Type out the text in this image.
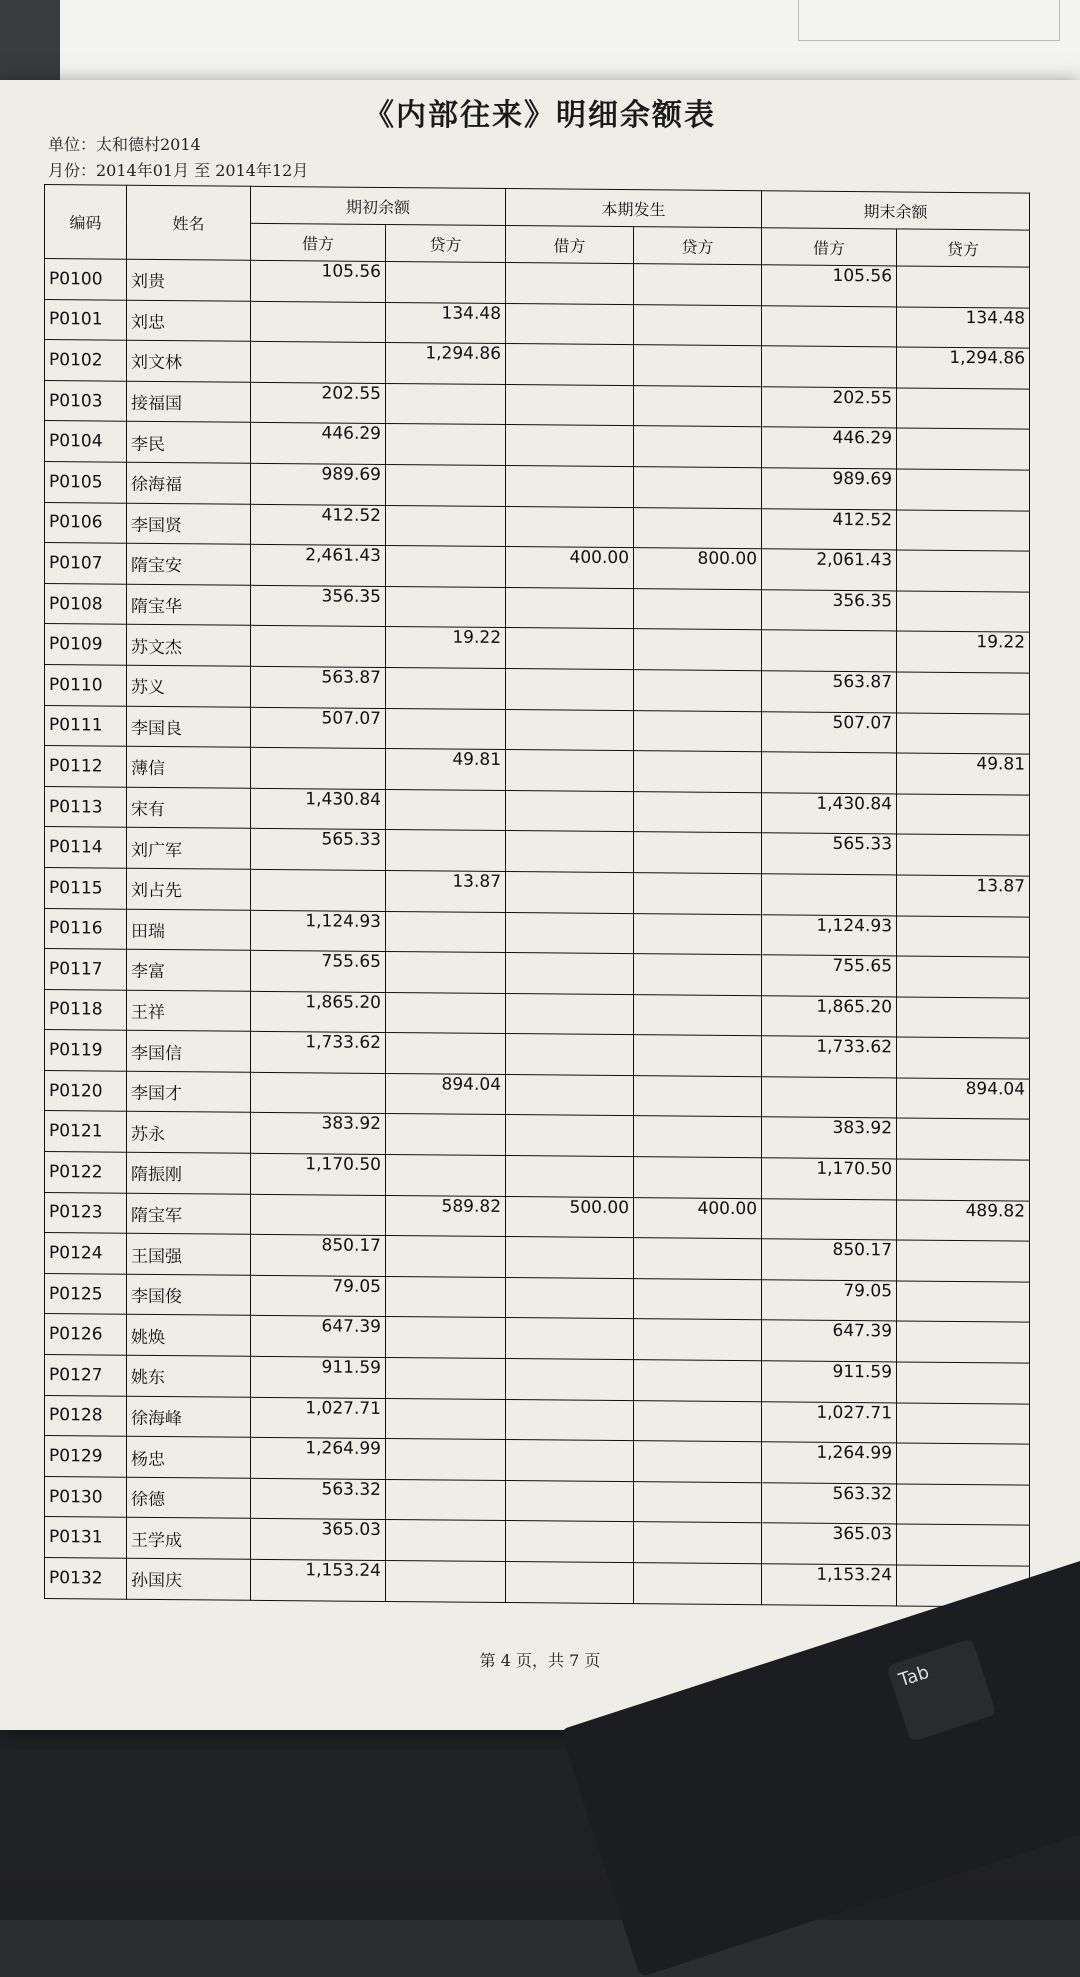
《内部往来》明细余额表
单位：太和德村2014
月份：2014年01月 至 2014年12月
编码	姓名	期初余额		本期发生		期末余额	
		借方	贷方	借方	贷方	借方	贷方
P0100	刘贵	105.56				105.56	
P0101	刘忠		134.48				134.48
P0102	刘文林		1,294.86				1,294.86
P0103	接福国	202.55				202.55	
P0104	李民	446.29				446.29	
P0105	徐海福	989.69				989.69	
P0106	李国贤	412.52				412.52	
P0107	隋宝安	2,461.43		400.00	800.00	2,061.43	
P0108	隋宝华	356.35				356.35	
P0109	苏文杰		19.22				19.22
P0110	苏义	563.87				563.87	
P0111	李国良	507.07				507.07	
P0112	薄信		49.81				49.81
P0113	宋有	1,430.84				1,430.84	
P0114	刘广军	565.33				565.33	
P0115	刘占先		13.87				13.87
P0116	田瑞	1,124.93				1,124.93	
P0117	李富	755.65				755.65	
P0118	王祥	1,865.20				1,865.20	
P0119	李国信	1,733.62				1,733.62	
P0120	李国才		894.04				894.04
P0121	苏永	383.92				383.92	
P0122	隋振刚	1,170.50				1,170.50	
P0123	隋宝军		589.82	500.00	400.00		489.82
P0124	王国强	850.17				850.17	
P0125	李国俊	79.05				79.05	
P0126	姚焕	647.39				647.39	
P0127	姚东	911.59				911.59	
P0128	徐海峰	1,027.71				1,027.71	
P0129	杨忠	1,264.99				1,264.99	
P0130	徐德	563.32				563.32	
P0131	王学成	365.03				365.03	
P0132	孙国庆	1,153.24				1,153.24	
第 4 页，共 7 页
Tab
